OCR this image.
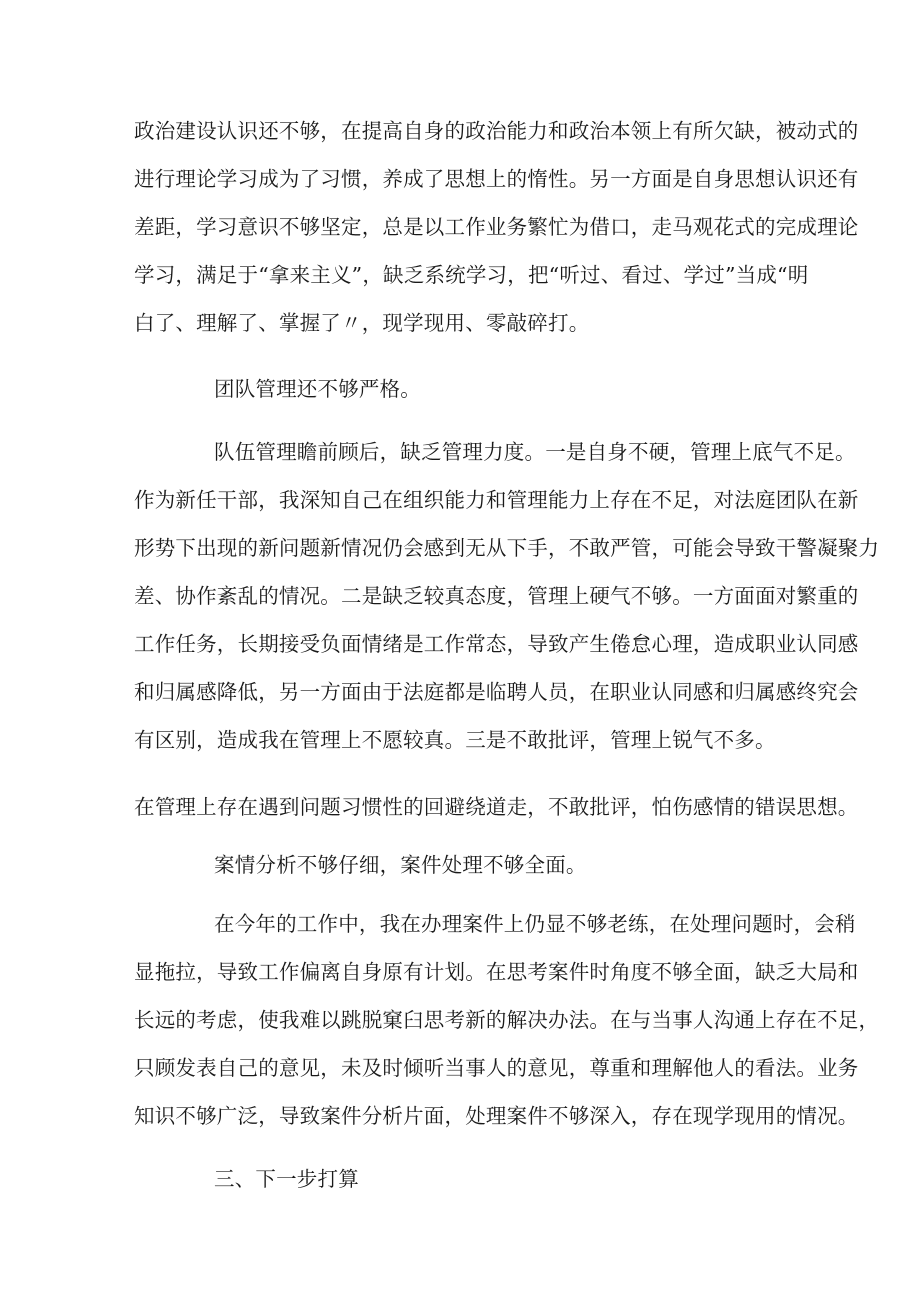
政治建设认识还不够，在提高自身的政治能力和政治本领上有所欠缺，被动式的
进行理论学习成为了习惯，养成了思想上的惰性。另一方面是自身思想认识还有
差距，学习意识不够坚定，总是以工作业务繁忙为借口，走马观花式的完成理论
学习，满足于“拿来主义”，缺乏系统学习，把“听过、看过、学过”当成“明
白了、理解了、掌握了〃，现学现用、零敲碎打。

团队管理还不够严格。

队伍管理瞻前顾后，缺乏管理力度。一是自身不硬，管理上底气不足。
作为新任干部，我深知自己在组织能力和管理能力上存在不足，对法庭团队在新
形势下出现的新问题新情况仍会感到无从下手，不敢严管，可能会导致干警凝聚力
差、协作紊乱的情况。二是缺乏较真态度，管理上硬气不够。一方面面对繁重的
工作任务，长期接受负面情绪是工作常态，导致产生倦怠心理，造成职业认同感
和归属感降低，另一方面由于法庭都是临聘人员，在职业认同感和归属感终究会
有区别，造成我在管理上不愿较真。三是不敢批评，管理上锐气不多。
在管理上存在遇到问题习惯性的回避绕道走，不敢批评，怕伤感情的错误思想。

案情分析不够仔细，案件处理不够全面。

在今年的工作中，我在办理案件上仍显不够老练，在处理问题时，会稍
显拖拉，导致工作偏离自身原有计划。在思考案件时角度不够全面，缺乏大局和
长远的考虑，使我难以跳脱窠臼思考新的解决办法。在与当事人沟通上存在不足，
只顾发表自己的意见，未及时倾听当事人的意见，尊重和理解他人的看法。业务
知识不够广泛，导致案件分析片面，处理案件不够深入，存在现学现用的情况。

三、下一步打算
